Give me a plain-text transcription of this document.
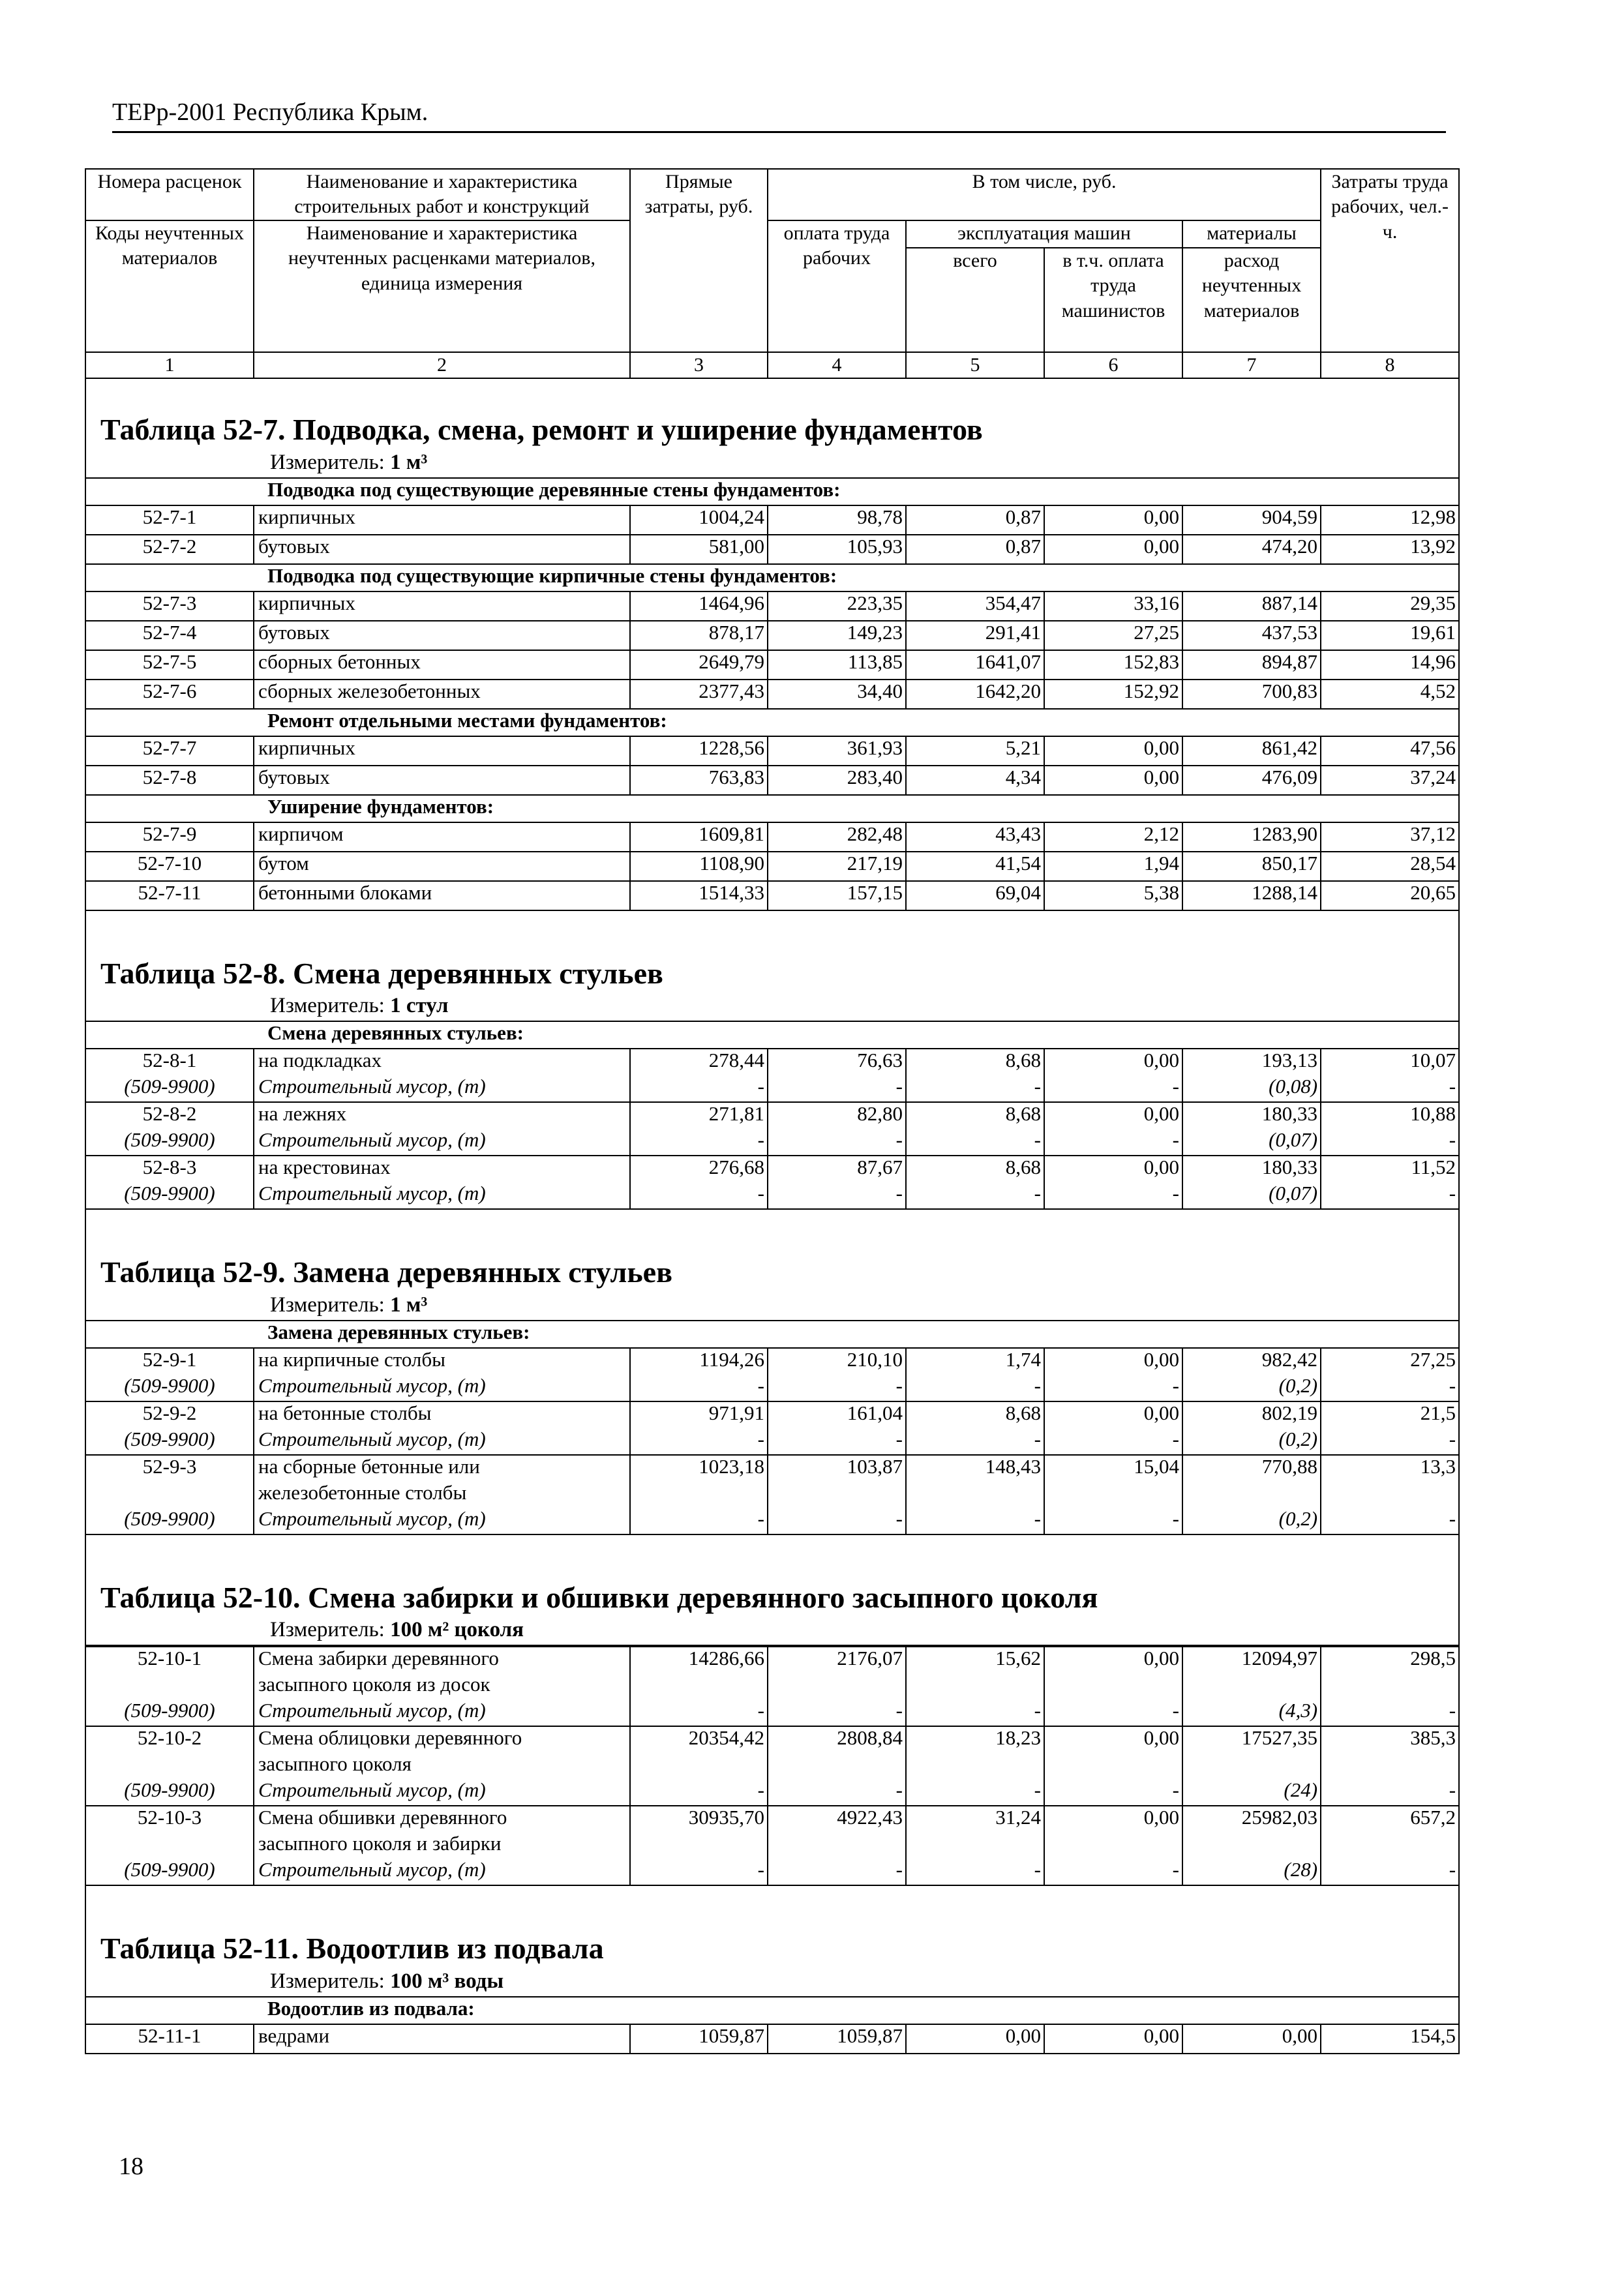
ТЕРр-2001 Республика Крым.
Номера расценок	Наименование и характеристика строительных работ и конструкций	Прямые затраты, руб.	В том числе, руб.				Затраты труда рабочих, чел.-ч.
Коды неучтенных материалов	Наименование и характеристика неучтенных расценками материалов, единица измерения		оплата труда рабочих	эксплуатация машин		материалы	
				всего	в т.ч. оплата труда машинистов	расход неучтенных материалов	

1	2	3	4	5	6	7	8

Таблица 52-7. Подводка, смена, ремонт и уширение фундаментов
Измеритель: 1 м³							

Подводка под существующие деревянные стены фундаментов:							
52-7-1	кирпичных	1004,24	98,78	0,87	0,00	904,59	12,98
52-7-2	бутовых	581,00	105,93	0,87	0,00	474,20	13,92
Подводка под существующие кирпичные стены фундаментов:							
52-7-3	кирпичных	1464,96	223,35	354,47	33,16	887,14	29,35
52-7-4	бутовых	878,17	149,23	291,41	27,25	437,53	19,61
52-7-5	сборных бетонных	2649,79	113,85	1641,07	152,83	894,87	14,96
52-7-6	сборных железобетонных	2377,43	34,40	1642,20	152,92	700,83	4,52
Ремонт отдельными местами фундаментов:							
52-7-7	кирпичных	1228,56	361,93	5,21	0,00	861,42	47,56
52-7-8	бутовых	763,83	283,40	4,34	0,00	476,09	37,24
Уширение фундаментов:							
52-7-9	кирпичом	1609,81	282,48	43,43	2,12	1283,90	37,12
52-7-10	бутом	1108,90	217,19	41,54	1,94	850,17	28,54
52-7-11	бетонными блоками	1514,33	157,15	69,04	5,38	1288,14	20,65

Таблица 52-8. Смена деревянных стульев
Измеритель: 1 стул							

Смена деревянных стульев:							
52-8-1	на подкладках	278,44	76,63	8,68	0,00	193,13	10,07
(509-9900)	Строительный мусор, (т)	-	-	-	-	(0,08)	-
52-8-2	на лежнях	271,81	82,80	8,68	0,00	180,33	10,88
(509-9900)	Строительный мусор, (т)	-	-	-	-	(0,07)	-
52-8-3	на крестовинах	276,68	87,67	8,68	0,00	180,33	11,52
(509-9900)	Строительный мусор, (т)	-	-	-	-	(0,07)	-

Таблица 52-9. Замена деревянных стульев
Измеритель: 1 м³							

Замена деревянных стульев:							
52-9-1	на кирпичные столбы	1194,26	210,10	1,74	0,00	982,42	27,25
(509-9900)	Строительный мусор, (т)	-	-	-	-	(0,2)	-
52-9-2	на бетонные столбы	971,91	161,04	8,68	0,00	802,19	21,5
(509-9900)	Строительный мусор, (т)	-	-	-	-	(0,2)	-
52-9-3	на сборные бетонные или	1023,18	103,87	148,43	15,04	770,88	13,3
	железобетонные столбы						
(509-9900)	Строительный мусор, (т)	-	-	-	-	(0,2)	-

Таблица 52-10. Смена забирки и обшивки деревянного засыпного цоколя
Измеритель: 100 м² цоколя							

52-10-1	Смена забирки деревянного	14286,66	2176,07	15,62	0,00	12094,97	298,5
	засыпного цоколя из досок						
(509-9900)	Строительный мусор, (т)	-	-	-	-	(4,3)	-
52-10-2	Смена облицовки деревянного	20354,42	2808,84	18,23	0,00	17527,35	385,3
	засыпного цоколя						
(509-9900)	Строительный мусор, (т)	-	-	-	-	(24)	-
52-10-3	Смена обшивки деревянного	30935,70	4922,43	31,24	0,00	25982,03	657,2
	засыпного цоколя и забирки						
(509-9900)	Строительный мусор, (т)	-	-	-	-	(28)	-

Таблица 52-11. Водоотлив из подвала
Измеритель: 100 м³ воды							

Водоотлив из подвала:							
52-11-1	ведрами	1059,87	1059,87	0,00	0,00	0,00	154,5
18
